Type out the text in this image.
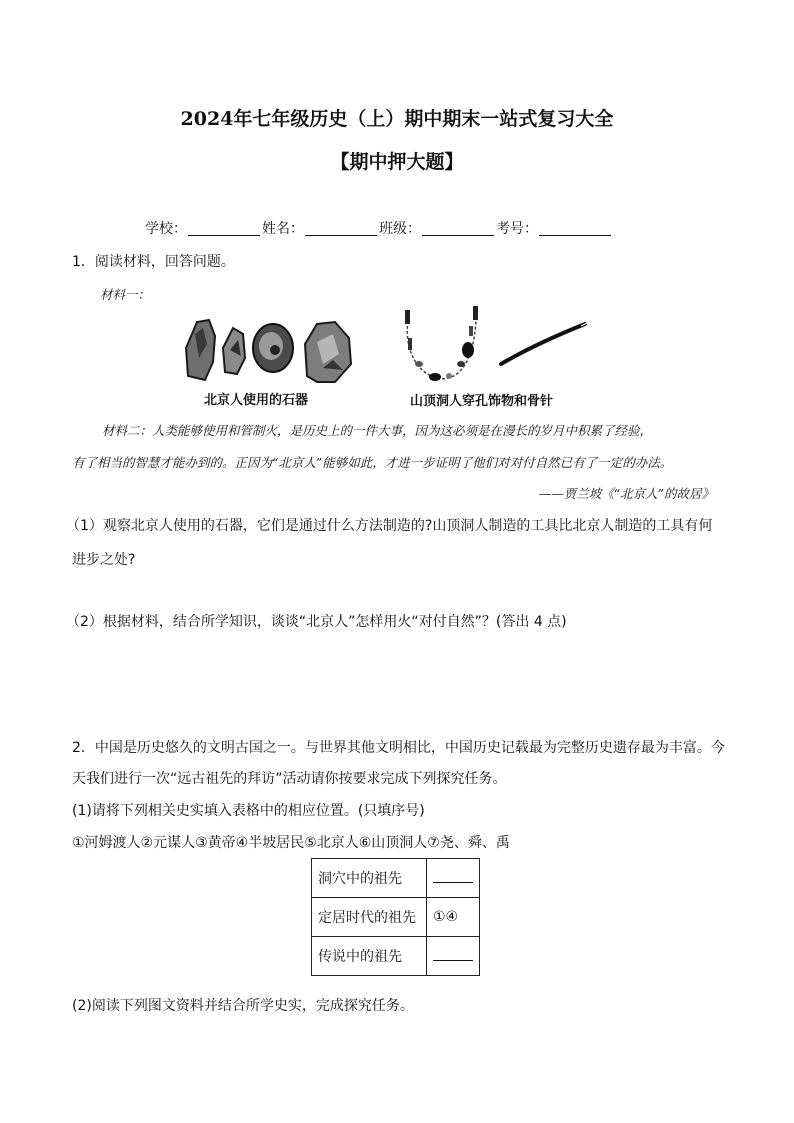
2024年七年级历史（上）期中期末一站式复习大全
【期中押大题】
学校：	姓名：	班级：	考号：
1．阅读材料，回答问题。
材料一：
北京人使用的石器	山顶洞人穿孔饰物和骨针
材料二：人类能够使用和管制火，是历史上的一件大事，因为这必须是在漫长的岁月中积累了经验，
有了相当的智慧才能办到的。正因为“北京人”能够如此，才进一步证明了他们对对付自然已有了一定的办法。
——贾兰坡《“北京人”的故居》
（1）观察北京人使用的石器，它们是通过什么方法制造的?山顶洞人制造的工具比北京人制造的工具有何
进步之处?
（2）根据材料，结合所学知识，谈谈“北京人”怎样用火“对付自然”？(答出 4 点)
2．中国是历史悠久的文明古国之一。与世界其他文明相比，中国历史记载最为完整历史遗存最为丰富。今
天我们进行一次“远古祖先的拜访”活动请你按要求完成下列探究任务。
(1)请将下列相关史实填入表格中的相应位置。(只填序号)
①河姆渡人②元谋人③黄帝④半坡居民⑤北京人⑥山顶洞人⑦尧、舜、禹
洞穴中的祖先	
定居时代的祖先	①④
传说中的祖先	
(2)阅读下列图文资料并结合所学史实，完成探究任务。
